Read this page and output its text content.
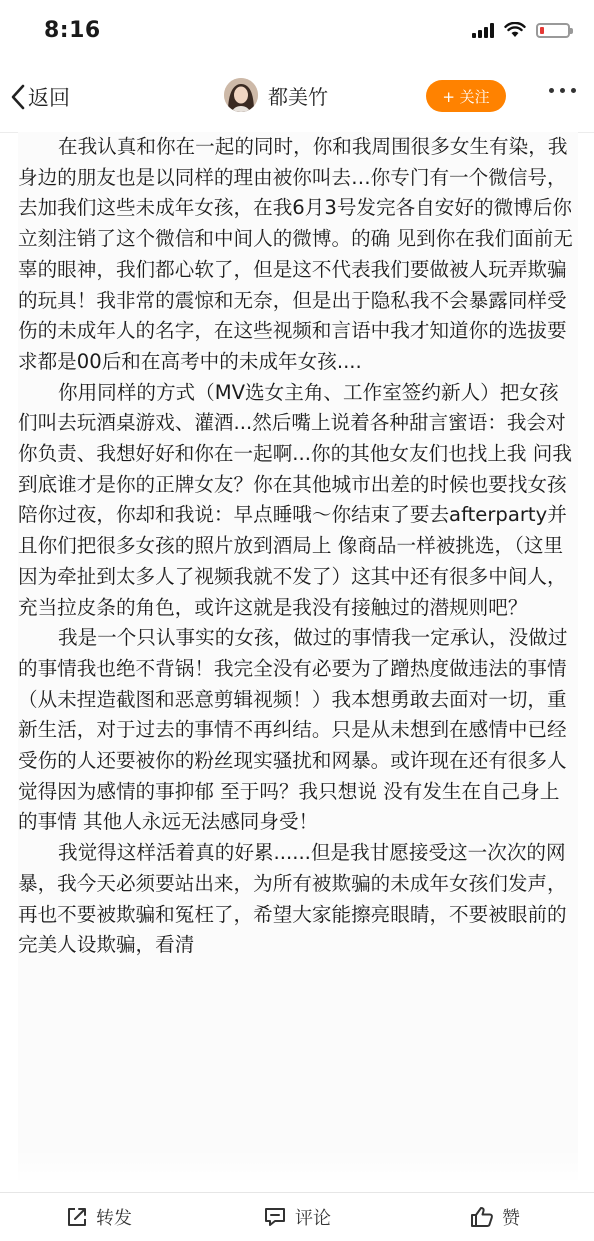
8:16
返回	都美竹	+ 关注

在我认真和你在一起的同时，你和我周围很多女生有染，我身边的朋友也是以同样的理由被你叫去…你专门有一个微信号，去加我们这些未成年女孩，在我6月3号发完各自安好的微博后你立刻注销了这个微信和中间人的微博。的确 见到你在我们面前无辜的眼神，我们都心软了，但是这不代表我们要做被人玩弄欺骗的玩具！我非常的震惊和无奈，但是出于隐私我不会暴露同样受伤的未成年人的名字，在这些视频和言语中我才知道你的选拔要求都是00后和在高考中的未成年女孩....

你用同样的方式（MV选女主角、工作室签约新人）把女孩们叫去玩酒桌游戏、灌酒...然后嘴上说着各种甜言蜜语：我会对你负责、我想好好和你在一起啊...你的其他女友们也找上我 问我到底谁才是你的正牌女友？你在其他城市出差的时候也要找女孩陪你过夜，你却和我说：早点睡哦～你结束了要去afterparty并且你们把很多女孩的照片放到酒局上 像商品一样被挑选，（这里因为牵扯到太多人了视频我就不发了）这其中还有很多中间人，充当拉皮条的角色，或许这就是我没有接触过的潜规则吧？

我是一个只认事实的女孩，做过的事情我一定承认，没做过的事情我也绝不背锅！我完全没有必要为了蹭热度做违法的事情（从未捏造截图和恶意剪辑视频！）我本想勇敢去面对一切，重新生活，对于过去的事情不再纠结。只是从未想到在感情中已经受伤的人还要被你的粉丝现实骚扰和网暴。或许现在还有很多人觉得因为感情的事抑郁 至于吗？我只想说 没有发生在自己身上的事情 其他人永远无法感同身受！

我觉得这样活着真的好累......但是我甘愿接受这一次次的网暴，我今天必须要站出来，为所有被欺骗的未成年女孩们发声，再也不要被欺骗和冤枉了，希望大家能擦亮眼睛，不要被眼前的完美人设欺骗，看清

转发	评论	赞
